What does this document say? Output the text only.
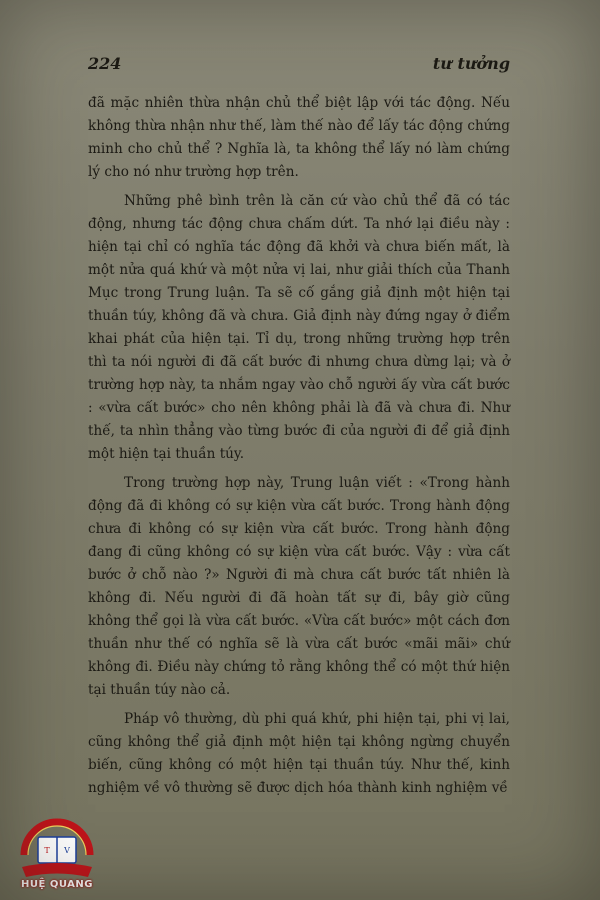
224	tư tưởng

đã mặc nhiên thừa nhận chủ thể biệt lập với tác động. Nếu không thừa nhận như thế, làm thế nào để lấy tác động chứng minh cho chủ thể ? Nghĩa là, ta không thể lấy nó làm chứng lý cho nó như trường hợp trên.

Những phê bình trên là căn cứ vào chủ thể đã có tác động, nhưng tác động chưa chấm dứt. Ta nhớ lại điều này : hiện tại chỉ có nghĩa tác động đã khởi và chưa biến mất, là một nửa quá khứ và một nửa vị lai, như giải thích của Thanh Mục trong Trung luận. Ta sẽ cố gắng giả định một hiện tại thuần túy, không đã và chưa. Giả định này đứng ngay ở điểm khai phát của hiện tại. Tỉ dụ, trong những trường hợp trên thì ta nói người đi đã cất bước đi nhưng chưa dừng lại; và ở trường hợp này, ta nhắm ngay vào chỗ người ấy vừa cất bước : «vừa cất bước» cho nên không phải là đã và chưa đi. Như thế, ta nhìn thẳng vào từng bước đi của người đi để giả định một hiện tại thuần túy.

Trong trường hợp này, Trung luận viết : «Trong hành động đã đi không có sự kiện vừa cất bước. Trong hành động chưa đi không có sự kiện vừa cất bước. Trong hành động đang đi cũng không có sự kiện vừa cất bước. Vậy : vừa cất bước ở chỗ nào ?» Người đi mà chưa cất bước tất nhiên là không đi. Nếu người đi đã hoàn tất sự đi, bây giờ cũng không thể gọi là vừa cất bước. «Vừa cất bước» một cách đơn thuần như thế có nghĩa sẽ là vừa cất bước «mãi mãi» chứ không đi. Điều này chứng tỏ rằng không thể có một thứ hiện tại thuần túy nào cả.

Pháp vô thường, dù phi quá khứ, phi hiện tại, phi vị lai, cũng không thể giả định một hiện tại không ngừng chuyển biến, cũng không có một hiện tại thuần túy. Như thế, kinh nghiệm về vô thường sẽ được dịch hóa thành kinh nghiệm về

T V
HUỆ QUANG
